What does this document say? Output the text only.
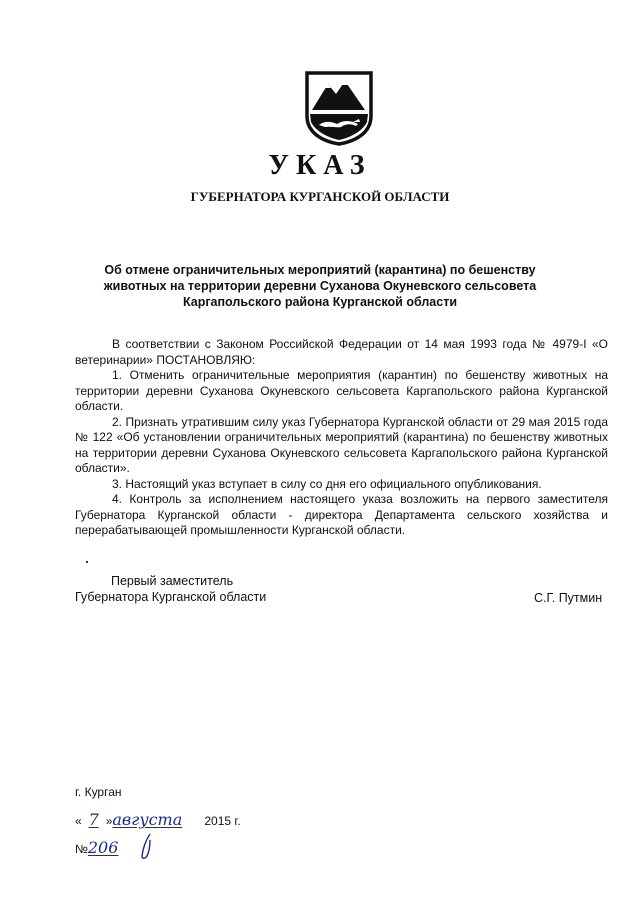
УКАЗ
ГУБЕРНАТОРА КУРГАНСКОЙ ОБЛАСТИ
Об отмене ограничительных мероприятий (карантина) по бешенству
животных на территории деревни Суханова Окуневского сельсовета
Каргапольского района Курганской области

В соответствии с Законом Российской Федерации от 14 мая 1993 года № 4979-I «О ветеринарии» ПОСТАНОВЛЯЮ:

1. Отменить ограничительные мероприятия (карантин) по бешенству животных на территории деревни Суханова Окуневского сельсовета Каргапольского района Курганской области.

2. Признать утратившим силу указ Губернатора Курганской области от 29 мая 2015 года № 122 «Об установлении ограничительных мероприятий (карантина) по бешенству животных на территории деревни Суханова Окуневского сельсовета Каргапольского района Курганской области».

3. Настоящий указ вступает в силу со дня его официального опубликования.

4. Контроль за исполнением настоящего указа возложить на первого заместителя Губернатора Курганской области - директора Департамента сельского хозяйства и перерабатывающей промышленности Курганской области.

Первый заместитель
Губернатора Курганской области	С.Г. Путмин
г. Курган
« 7 »августа 2015 г.
№206
